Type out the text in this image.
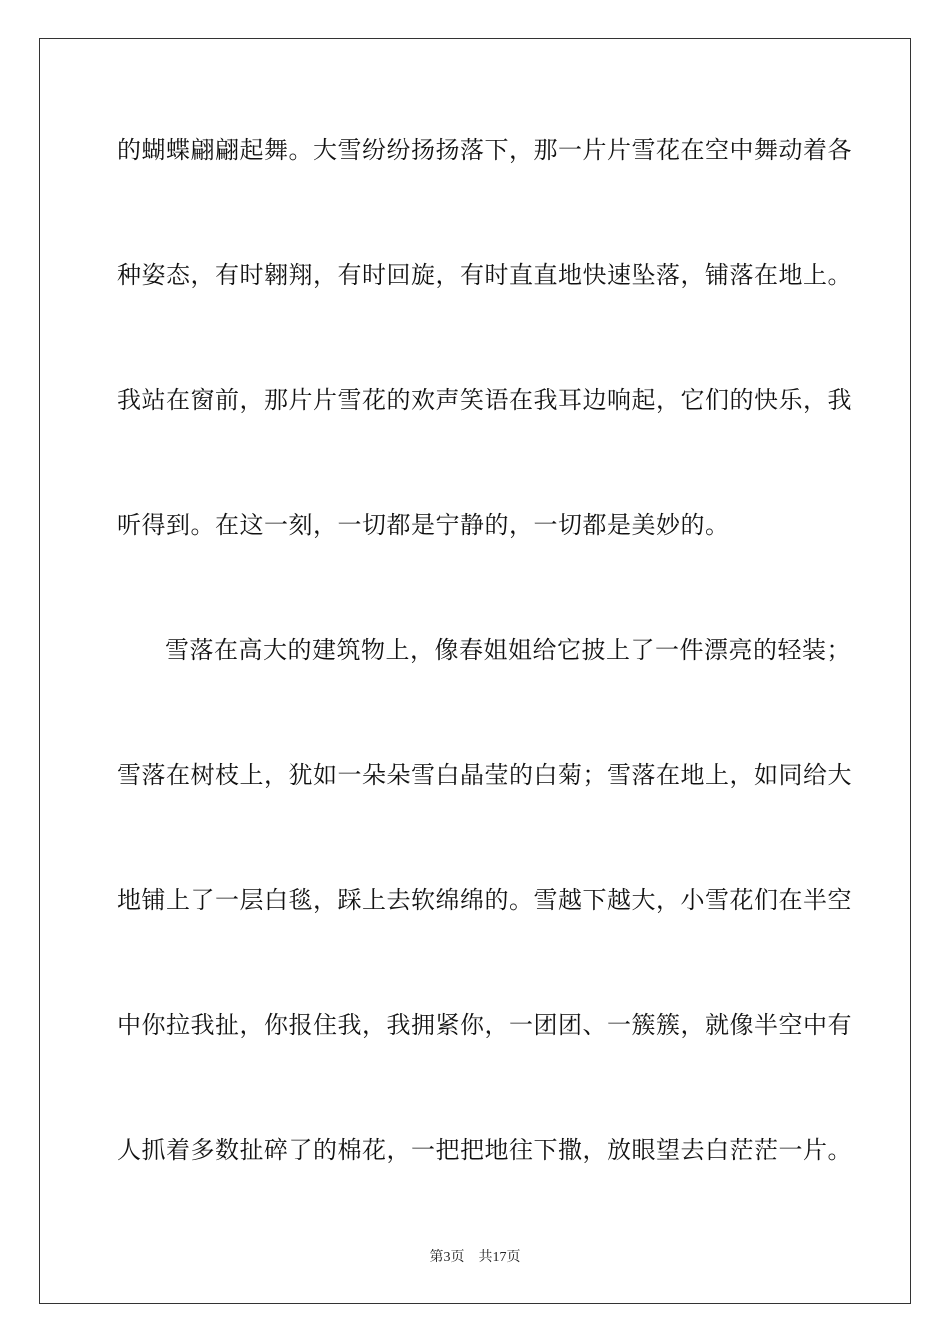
的蝴蝶翩翩起舞。大雪纷纷扬扬落下，那一片片雪花在空中舞动着各
种姿态，有时翱翔，有时回旋，有时直直地快速坠落，铺落在地上。
我站在窗前，那片片雪花的欢声笑语在我耳边响起，它们的快乐，我
听得到。在这一刻，一切都是宁静的，一切都是美妙的。
雪落在高大的建筑物上，像春姐姐给它披上了一件漂亮的轻装；
雪落在树枝上，犹如一朵朵雪白晶莹的白菊；雪落在地上，如同给大
地铺上了一层白毯，踩上去软绵绵的。雪越下越大，小雪花们在半空
中你拉我扯，你报住我，我拥紧你，一团团、一簇簇，就像半空中有
人抓着多数扯碎了的棉花，一把把地往下撒，放眼望去白茫茫一片。
第3页 共17页
